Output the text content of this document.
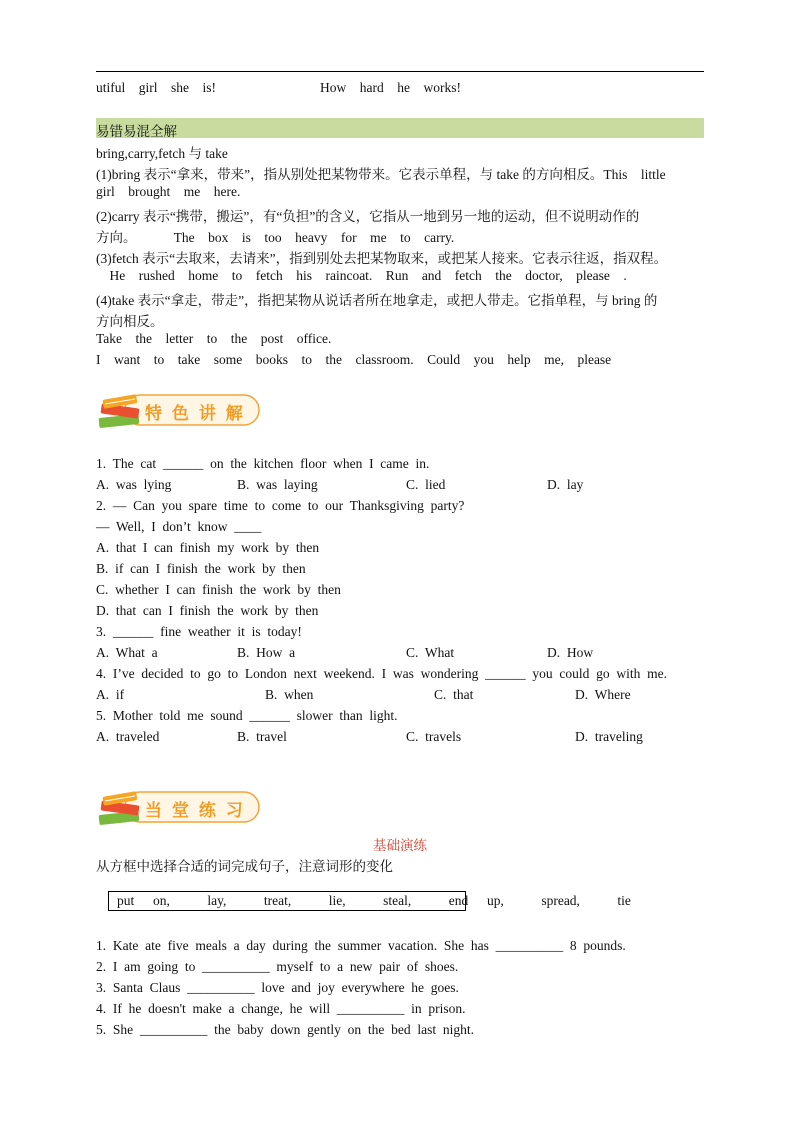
utiful    girl    she    is!	How    hard    he    works!
易错易混全解
bring,carry,fetch 与 take
(1)bring 表示“拿来，带来”，指从别处把某物带来。它表示单程，与 take 的方向相反。This    little
girl    brought    me    here.
(2)carry 表示“携带，搬运”，有“负担”的含义，它指从一地到另一地的运动，但不说明动作的
方向。           The    box    is    too    heavy    for    me    to    carry.
(3)fetch 表示“去取来，去请来”，指到别处去把某物取来，或把某人接来。它表示往返，指双程。
He    rushed    home    to    fetch    his    raincoat.    Run    and    fetch    the    doctor,    please    .
(4)take 表示“拿走，带走”，指把某物从说话者所在地拿走，或把人带走。它指单程，与 bring 的
方向相反。
Take    the    letter    to    the    post    office.
I    want    to    take    some    books    to    the    classroom.    Could    you    help    me,    please
特 色 讲 解
1.  The  cat  ______  on  the  kitchen  floor  when  I  came  in.
A.  was  lying	B.  was  laying	C.  lied	D.  lay
2.  —  Can  you  spare  time  to  come  to  our  Thanksgiving  party?
—  Well,  I  don’t  know  ____
A.  that  I  can  finish  my  work  by  then
B.  if  can  I  finish  the  work  by  then
C.  whether  I  can  finish  the  work  by  then
D.  that  can  I  finish  the  work  by  then
3.  ______  fine  weather  it  is  today!
A.  What  a	B.  How  a	C.  What	D.  How
4.  I’ve  decided  to  go  to  London  next  weekend.  I  was  wondering  ______  you  could  go  with  me.
A.  if	B.  when	C.  that	D.  Where
5.  Mother  told  me  sound  ______  slower  than  light.
A.  traveled	B.  travel	C.  travels	D.  traveling
当 堂 练 习
基础演练
从方框中选择合适的词完成句子，注意词形的变化
put  on,    lay,    treat,    lie,    steal,    end  up,    spread,    tie
1.  Kate  ate  five  meals  a  day  during  the  summer  vacation.  She  has  __________  8  pounds.
2.  I  am  going  to  __________  myself  to  a  new  pair  of  shoes.
3.  Santa  Claus  __________  love  and  joy  everywhere  he  goes.
4.  If  he  doesn't  make  a  change,  he  will  __________  in  prison.
5.  She  __________  the  baby  down  gently  on  the  bed  last  night.
